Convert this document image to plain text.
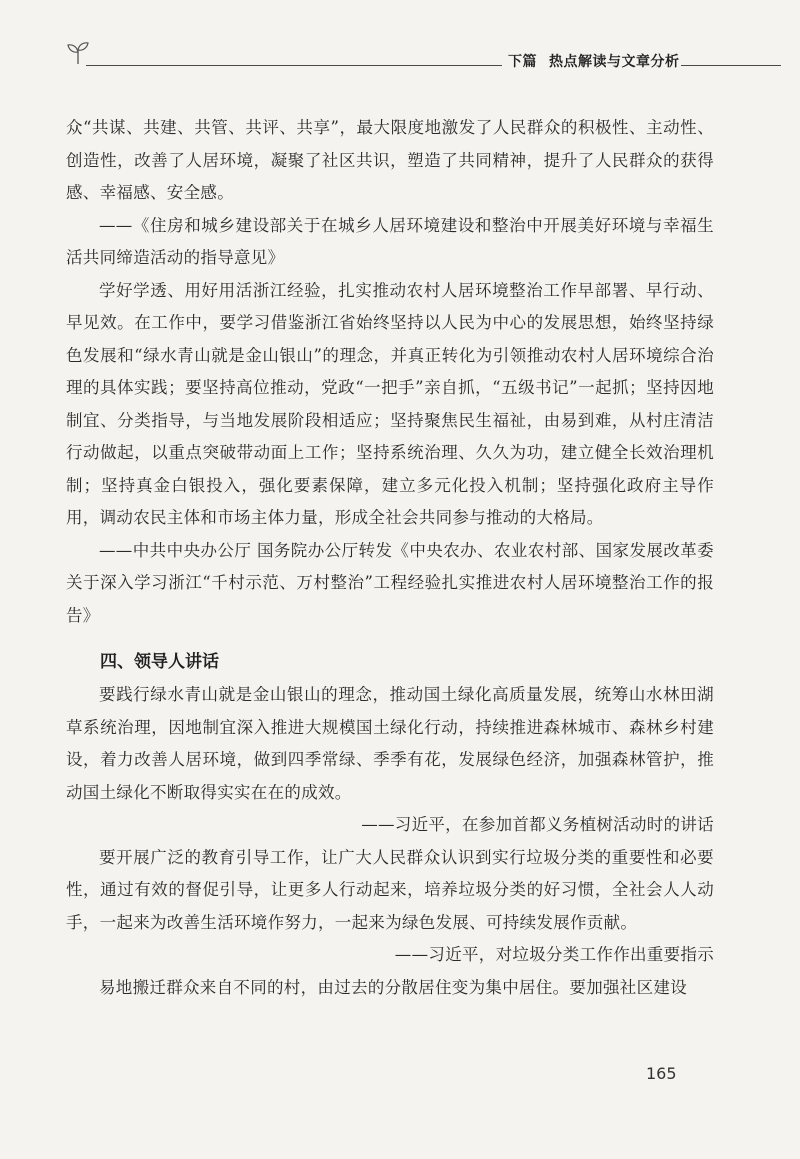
下篇 热点解读与文章分析

众“共谋、共建、共管、共评、共享”，最大限度地激发了人民群众的积极性、主动性、创造性，改善了人居环境，凝聚了社区共识，塑造了共同精神，提升了人民群众的获得感、幸福感、安全感。

——《住房和城乡建设部关于在城乡人居环境建设和整治中开展美好环境与幸福生活共同缔造活动的指导意见》

学好学透、用好用活浙江经验，扎实推动农村人居环境整治工作早部署、早行动、早见效。在工作中，要学习借鉴浙江省始终坚持以人民为中心的发展思想，始终坚持绿色发展和“绿水青山就是金山银山”的理念，并真正转化为引领推动农村人居环境综合治理的具体实践；要坚持高位推动，党政“一把手”亲自抓，“五级书记”一起抓；坚持因地制宜、分类指导，与当地发展阶段相适应；坚持聚焦民生福祉，由易到难，从村庄清洁行动做起，以重点突破带动面上工作；坚持系统治理、久久为功，建立健全长效治理机制；坚持真金白银投入，强化要素保障，建立多元化投入机制；坚持强化政府主导作用，调动农民主体和市场主体力量，形成全社会共同参与推动的大格局。

——中共中央办公厅 国务院办公厅转发《中央农办、农业农村部、国家发展改革委关于深入学习浙江“千村示范、万村整治”工程经验扎实推进农村人居环境整治工作的报告》

四、领导人讲话

要践行绿水青山就是金山银山的理念，推动国土绿化高质量发展，统筹山水林田湖草系统治理，因地制宜深入推进大规模国土绿化行动，持续推进森林城市、森林乡村建设，着力改善人居环境，做到四季常绿、季季有花，发展绿色经济，加强森林管护，推动国土绿化不断取得实实在在的成效。

——习近平，在参加首都义务植树活动时的讲话

要开展广泛的教育引导工作，让广大人民群众认识到实行垃圾分类的重要性和必要性，通过有效的督促引导，让更多人行动起来，培养垃圾分类的好习惯，全社会人人动手，一起来为改善生活环境作努力，一起来为绿色发展、可持续发展作贡献。

——习近平，对垃圾分类工作作出重要指示

易地搬迁群众来自不同的村，由过去的分散居住变为集中居住。要加强社区建设

165
